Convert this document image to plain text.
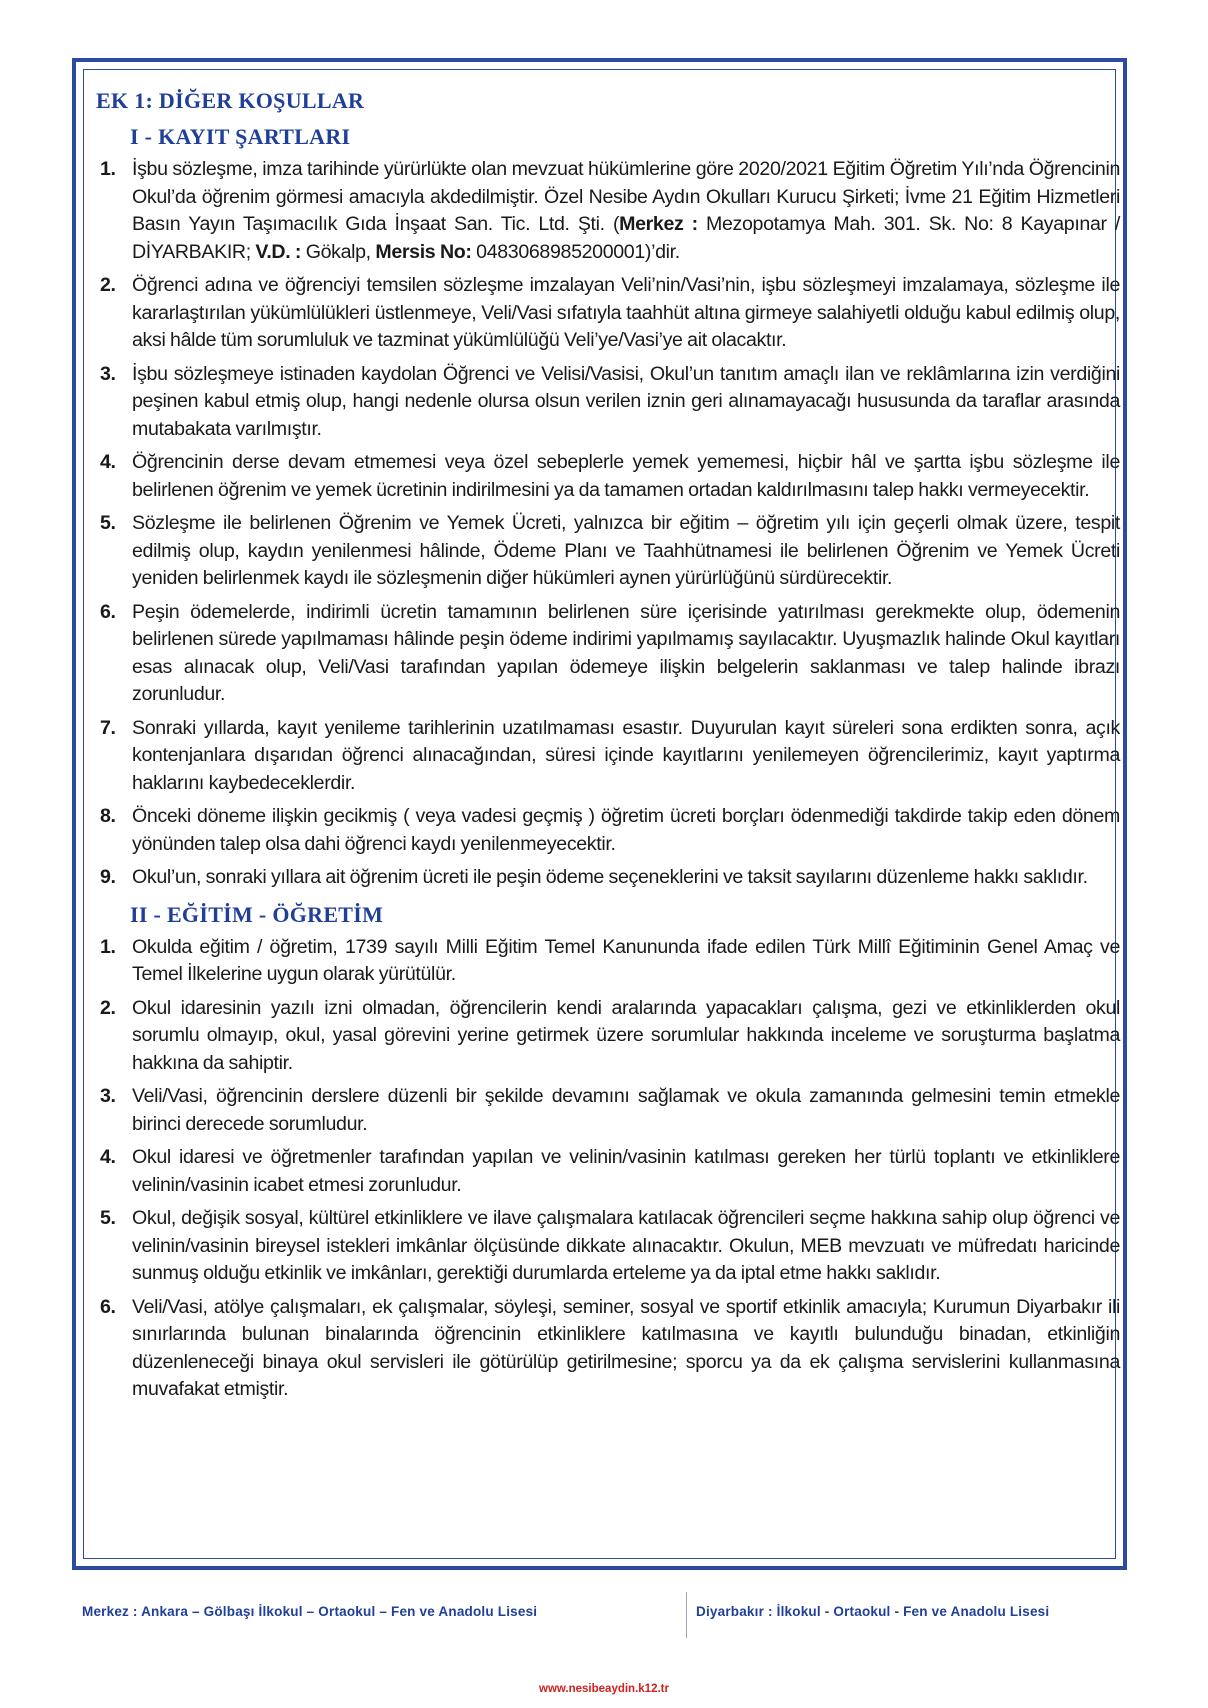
EK 1: DİĞER KOŞULLAR
I - KAYIT ŞARTLARI
1. İşbu sözleşme, imza tarihinde yürürlükte olan mevzuat hükümlerine göre 2020/2021 Eğitim Öğretim Yılı’nda Öğrencinin Okul’da öğrenim görmesi amacıyla akdedilmiştir. Özel Nesibe Aydın Okulları Kurucu Şirketi; İvme 21 Eğitim Hizmetleri Basın Yayın Taşımacılık Gıda İnşaat San. Tic. Ltd. Şti. (Merkez : Mezopotamya Mah. 301. Sk. No: 8 Kayapınar / DİYARBAKIR; V.D. : Gökalp, Mersis No: 0483068985200001)’dir.
2. Öğrenci adına ve öğrenciyi temsilen sözleşme imzalayan Veli’nin/Vasi’nin, işbu sözleşmeyi imzalamaya, sözleşme ile kararlaştırılan yükümlülükleri üstlenmeye, Veli/Vasi sıfatıyla taahhüt altına girmeye salahiyetli olduğu kabul edilmiş olup, aksi hâlde tüm sorumluluk ve tazminat yükümlülüğü Veli’ye/Vasi’ye ait olacaktır.
3. İşbu sözleşmeye istinaden kaydolan Öğrenci ve Velisi/Vasisi, Okul’un tanıtım amaçlı ilan ve reklâmlarına izin verdiğini peşinen kabul etmiş olup, hangi nedenle olursa olsun verilen iznin geri alınamayacağı hususunda da taraflar arasında mutabakata varılmıştır.
4. Öğrencinin derse devam etmemesi veya özel sebeplerle yemek yememesi, hiçbir hâl ve şartta işbu sözleşme ile belirlenen öğrenim ve yemek ücretinin indirilmesini ya da tamamen ortadan kaldırılmasını talep hakkı vermeyecektir.
5. Sözleşme ile belirlenen Öğrenim ve Yemek Ücreti, yalnızca bir eğitim – öğretim yılı için geçerli olmak üzere, tespit edilmiş olup, kaydın yenilenmesi hâlinde, Ödeme Planı ve Taahhütnamesi ile belirlenen Öğrenim ve Yemek Ücreti yeniden belirlenmek kaydı ile sözleşmenin diğer hükümleri aynen yürürlüğünü sürdürecektir.
6. Peşin ödemelerde, indirimli ücretin tamamının belirlenen süre içerisinde yatırılması gerekmekte olup, ödemenin belirlenen sürede yapılmaması hâlinde peşin ödeme indirimi yapılmamış sayılacaktır. Uyuşmazlık halinde Okul kayıtları esas alınacak olup, Veli/Vasi tarafından yapılan ödemeye ilişkin belgelerin saklanması ve talep halinde ibrazı zorunludur.
7. Sonraki yıllarda, kayıt yenileme tarihlerinin uzatılmaması esastır. Duyurulan kayıt süreleri sona erdikten sonra, açık kontenjanlara dışarıdan öğrenci alınacağından, süresi içinde kayıtlarını yenilemeyen öğrencilerimiz, kayıt yaptırma haklarını kaybedeceklerdir.
8. Önceki döneme ilişkin gecikmiş ( veya vadesi geçmiş ) öğretim ücreti borçları ödenmediği takdirde takip eden dönem yönünden talep olsa dahi öğrenci kaydı yenilenmeyecektir.
9. Okul’un, sonraki yıllara ait öğrenim ücreti ile peşin ödeme seçeneklerini ve taksit sayılarını düzenleme hakkı saklıdır.
II - EĞİTİM - ÖĞRETİM
1. Okulda eğitim / öğretim, 1739 sayılı Milli Eğitim Temel Kanununda ifade edilen Türk Millî Eğitiminin Genel Amaç ve Temel İlkelerine uygun olarak yürütülür.
2. Okul idaresinin yazılı izni olmadan, öğrencilerin kendi aralarında yapacakları çalışma, gezi ve etkinliklerden okul sorumlu olmayıp, okul, yasal görevini yerine getirmek üzere sorumlular hakkında inceleme ve soruşturma başlatma hakkına da sahiptir.
3. Veli/Vasi, öğrencinin derslere düzenli bir şekilde devamını sağlamak ve okula zamanında gelmesini temin etmekle birinci derecede sorumludur.
4. Okul idaresi ve öğretmenler tarafından yapılan ve velinin/vasinin katılması gereken her türlü toplantı ve etkinliklere velinin/vasinin icabet etmesi zorunludur.
5. Okul, değişik sosyal, kültürel etkinliklere ve ilave çalışmalara katılacak öğrencileri seçme hakkına sahip olup öğrenci ve velinin/vasinin bireysel istekleri imkânlar ölçüsünde dikkate alınacaktır. Okulun, MEB mevzuatı ve müfredatı haricinde sunmuş olduğu etkinlik ve imkânları, gerektiği durumlarda erteleme ya da iptal etme hakkı saklıdır.
6. Veli/Vasi, atölye çalışmaları, ek çalışmalar, söyleşi, seminer, sosyal ve sportif etkinlik amacıyla; Kurumun Diyarbakır ili sınırlarında bulunan binalarında öğrencinin etkinliklere katılmasına ve kayıtlı bulunduğu binadan, etkinliğin düzenleneceği binaya okul servisleri ile götürülüp getirilmesine; sporcu ya da ek çalışma servislerini kullanmasına muvafakat etmiştir.
Merkez : Ankara – Gölbaşı İlkokul – Ortaokul – Fen ve Anadolu Lisesi	Diyarbakır : İlkokul - Ortaokul - Fen ve Anadolu Lisesi
www.nesibeaydin.k12.tr
